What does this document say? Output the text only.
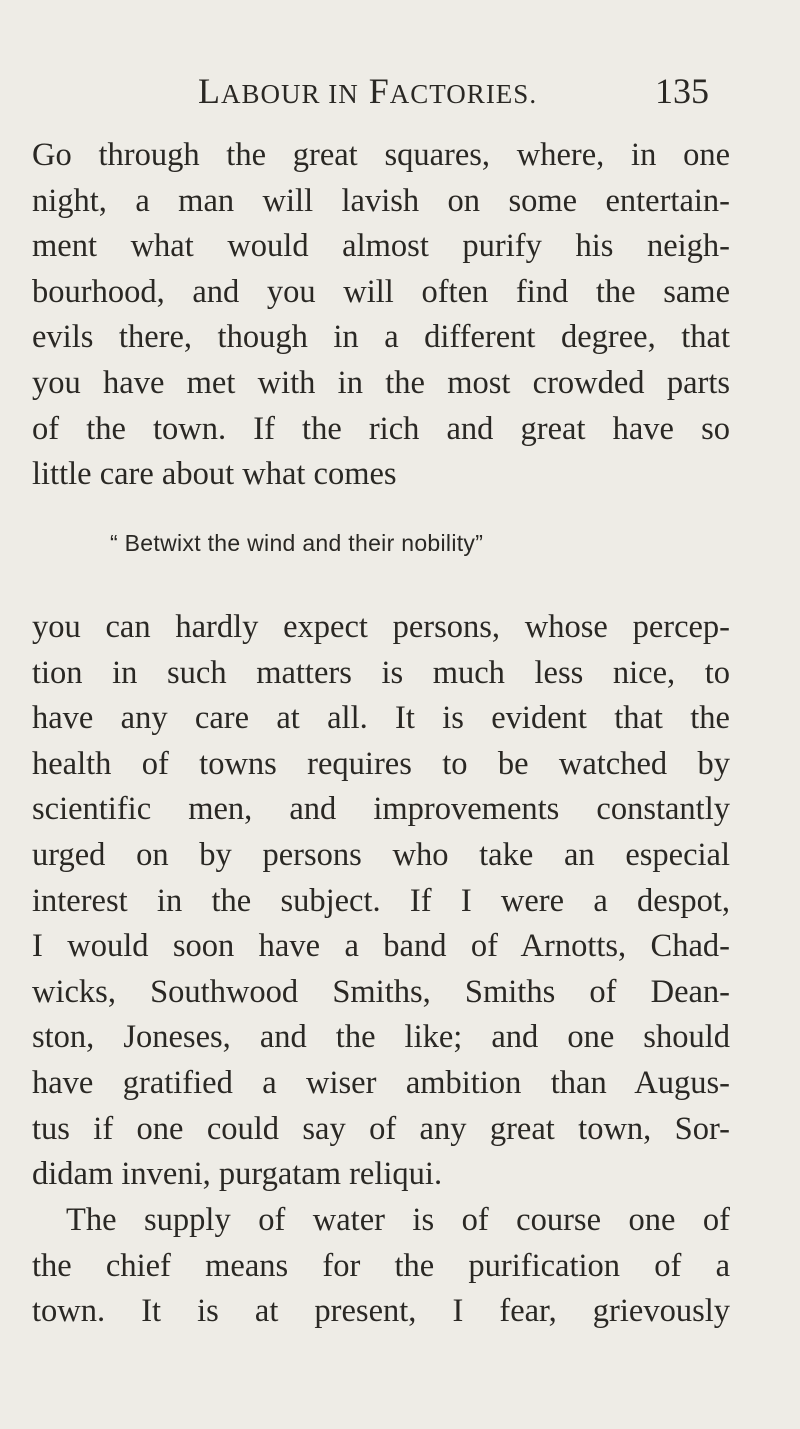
LABOUR IN FACTORIES.	135
Go through the great squares, where, in one
night, a man will lavish on some entertain-
ment what would almost purify his neigh-
bourhood, and you will often find the same
evils there, though in a different degree, that
you have met with in the most crowded parts
of the town. If the rich and great have so
little care about what comes
“ Betwixt the wind and their nobility”
you can hardly expect persons, whose percep-
tion in such matters is much less nice, to
have any care at all. It is evident that the
health of towns requires to be watched by
scientific men, and improvements constantly
urged on by persons who take an especial
interest in the subject. If I were a despot,
I would soon have a band of Arnotts, Chad-
wicks, Southwood Smiths, Smiths of Dean-
ston, Joneses, and the like; and one should
have gratified a wiser ambition than Augus-
tus if one could say of any great town, Sor-
didam inveni, purgatam reliqui.
The supply of water is of course one of
the chief means for the purification of a
town. It is at present, I fear, grievously
